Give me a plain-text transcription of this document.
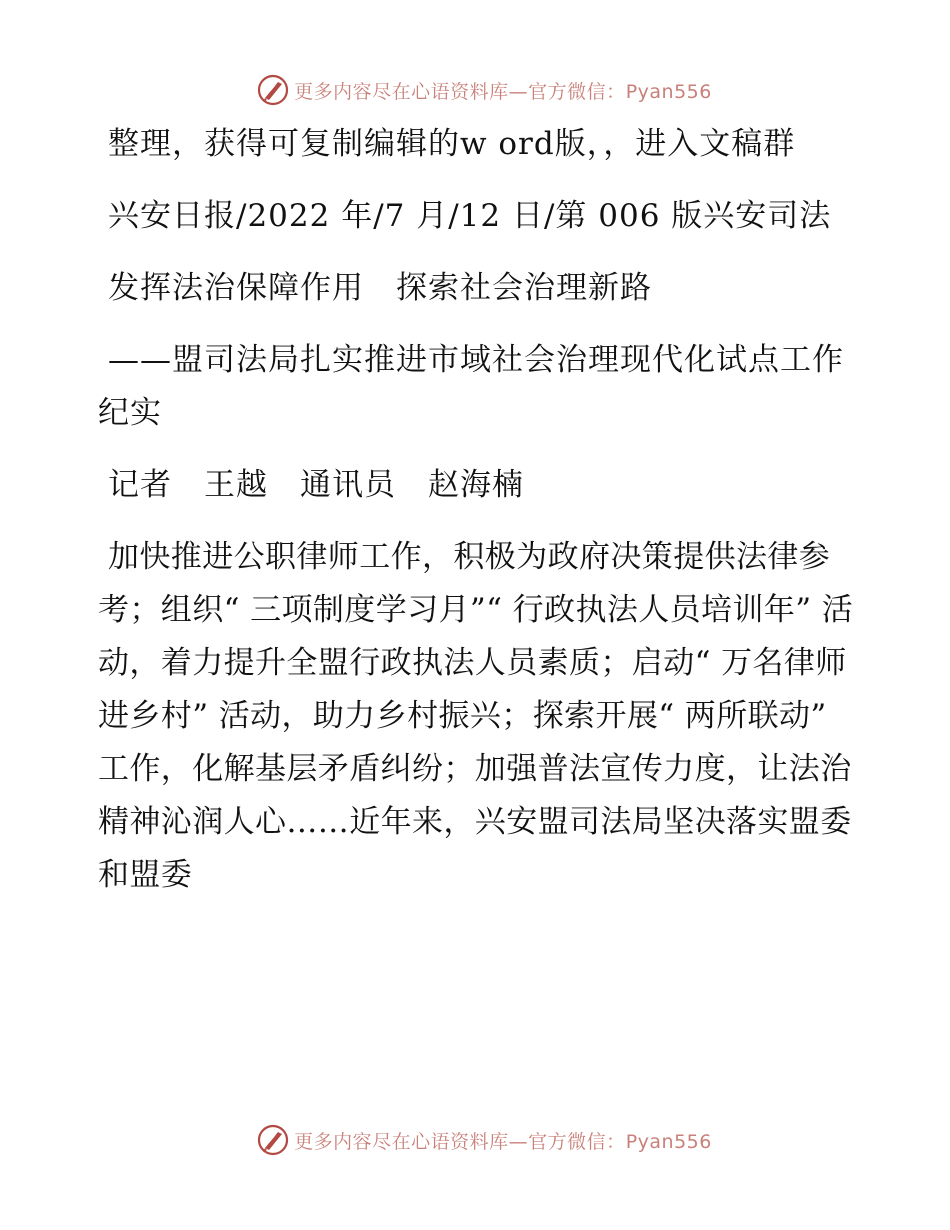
更多内容尽在心语资料库—官方微信：Pyan556

整理，获得可复制编辑的w ord版，，进入文稿群

兴安日报/2022 年/7 月/12 日/第 006 版兴安司法

发挥法治保障作用　探索社会治理新路

——盟司法局扎实推进市域社会治理现代化试点工作纪实

记者　王越　通讯员　赵海楠

加快推进公职律师工作，积极为政府决策提供法律参考；组织“ 三项制度学习月”“ 行政执法人员培训年” 活动，着力提升全盟行政执法人员素质；启动“ 万名律师进乡村” 活动，助力乡村振兴；探索开展“ 两所联动” 工作，化解基层矛盾纠纷；加强普法宣传力度，让法治精神沁润人心……近年来，兴安盟司法局坚决落实盟委和盟委

更多内容尽在心语资料库—官方微信：Pyan556
